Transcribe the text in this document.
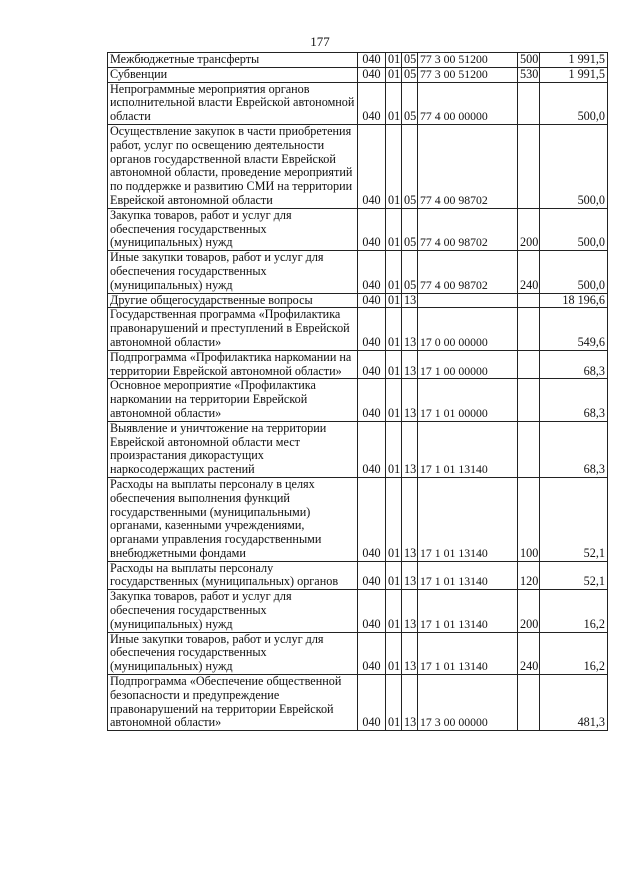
177
Межбюджетные трансферты	040	01	05	77 3 00 51200	500	1 991,5
Субвенции	040	01	05	77 3 00 51200	530	1 991,5
Непрограммные мероприятия органов исполнительной власти Еврейской автономной области	040	01	05	77 4 00 00000		500,0
Осуществление закупок в части приобретения работ, услуг по освещению деятельности органов государственной власти Еврейской автономной области, проведение мероприятий по поддержке и развитию СМИ на территории Еврейской автономной области	040	01	05	77 4 00 98702		500,0
Закупка товаров, работ и услуг для обеспечения государственных (муниципальных) нужд	040	01	05	77 4 00 98702	200	500,0
Иные закупки товаров, работ и услуг для обеспечения государственных (муниципальных) нужд	040	01	05	77 4 00 98702	240	500,0
Другие общегосударственные вопросы	040	01	13			18 196,6
Государственная программа «Профилактика правонарушений и преступлений в Еврейской автономной области»	040	01	13	17 0 00 00000		549,6
Подпрограмма «Профилактика наркомании на территории Еврейской автономной области»	040	01	13	17 1 00 00000		68,3
Основное мероприятие «Профилактика наркомании на территории Еврейской автономной области»	040	01	13	17 1 01 00000		68,3
Выявление и уничтожение на территории Еврейской автономной области мест произрастания дикорастущих наркосодержащих растений	040	01	13	17 1 01 13140		68,3
Расходы на выплаты персоналу в целях обеспечения выполнения функций государственными (муниципальными) органами, казенными учреждениями, органами управления государственными внебюджетными фондами	040	01	13	17 1 01 13140	100	52,1
Расходы на выплаты персоналу государственных (муниципальных) органов	040	01	13	17 1 01 13140	120	52,1
Закупка товаров, работ и услуг для обеспечения государственных (муниципальных) нужд	040	01	13	17 1 01 13140	200	16,2
Иные закупки товаров, работ и услуг для обеспечения государственных (муниципальных) нужд	040	01	13	17 1 01 13140	240	16,2
Подпрограмма «Обеспечение общественной безопасности и предупреждение правонарушений на территории Еврейской автономной области»	040	01	13	17 3 00 00000		481,3
